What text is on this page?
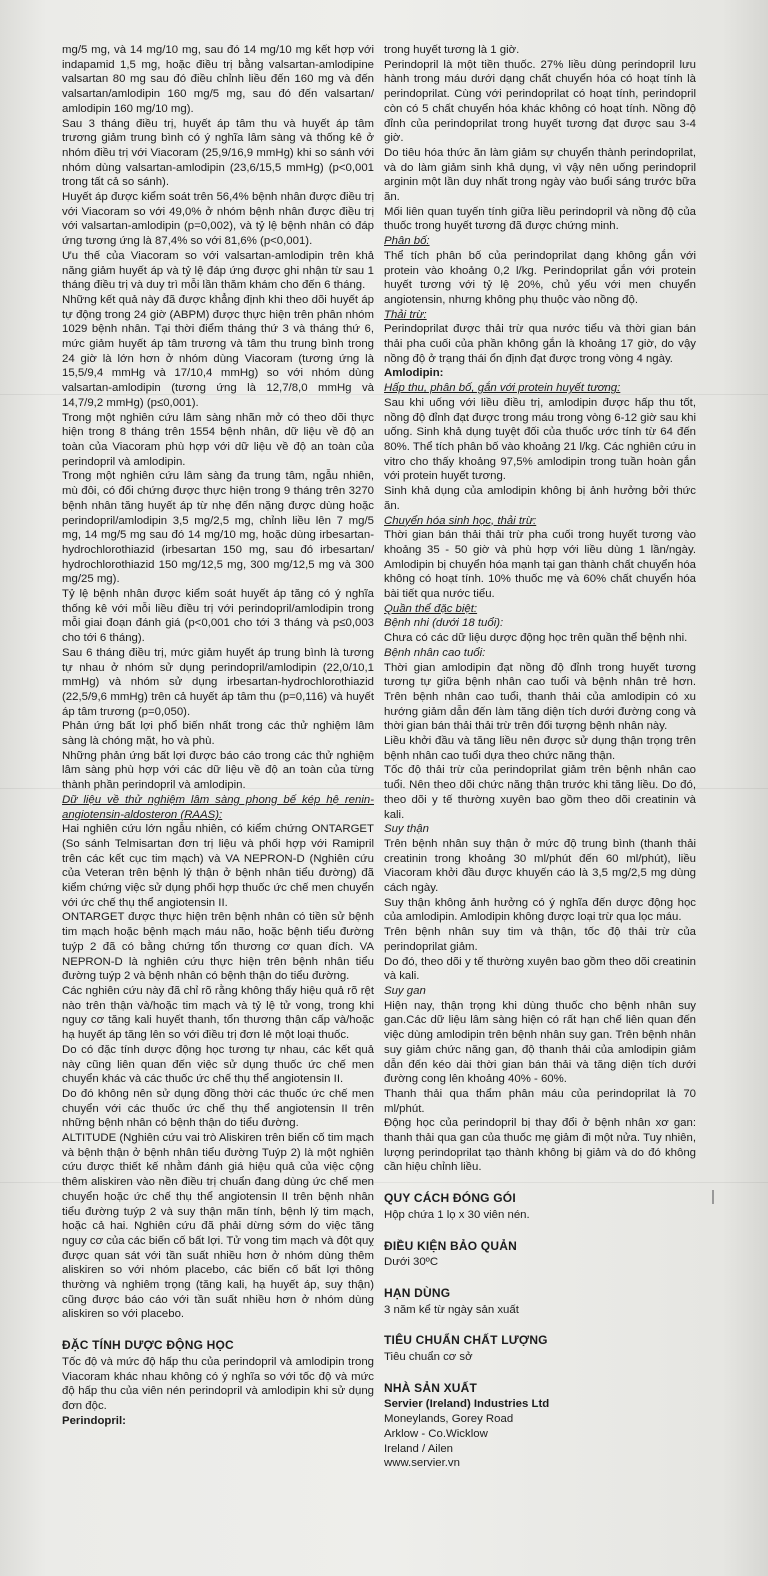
mg/5 mg, và 14 mg/10 mg, sau đó 14 mg/10 mg kết hợp với indapamid 1,5 mg, hoặc điều trị bằng valsartan-amlodipine valsartan 80 mg sau đó điều chỉnh liều đến 160 mg và đến valsartan/amlodipin 160 mg/5 mg, sau đó đến valsartan/ amlodipin 160 mg/10 mg).

Sau 3 tháng điều trị, huyết áp tâm thu và huyết áp tâm trương giảm trung bình có ý nghĩa lâm sàng và thống kê ở nhóm điều trị với Viacoram (25,9/16,9 mmHg) khi so sánh với nhóm dùng valsartan-amlodipin (23,6/15,5 mmHg) (p<0,001 trong tất cả so sánh).

Huyết áp được kiểm soát trên 56,4% bệnh nhân được điều trị với Viacoram so với 49,0% ở nhóm bệnh nhân được điều trị với valsartan-amlodipin (p=0,002), và tỷ lệ bệnh nhân có đáp ứng tương ứng là 87,4% so với 81,6% (p<0,001).

Ưu thế của Viacoram so với valsartan-amlodipin trên khả năng giảm huyết áp và tỷ lệ đáp ứng được ghi nhận từ sau 1 tháng điều trị và duy trì mỗi lần thăm khám cho đến 6 tháng.

Những kết quả này đã được khẳng định khi theo dõi huyết áp tự động trong 24 giờ (ABPM) được thực hiện trên phân nhóm 1029 bệnh nhân. Tại thời điểm tháng thứ 3 và tháng thứ 6, mức giảm huyết áp tâm trương và tâm thu trung bình trong 24 giờ là lớn hơn ở nhóm dùng Viacoram (tương ứng là 15,5/9,4 mmHg và 17/10,4 mmHg) so với nhóm dùng valsartan-amlodipin (tương ứng là 12,7/8,0 mmHg và 14,7/9,2 mmHg) (p≤0,001).

Trong một nghiên cứu lâm sàng nhãn mở có theo dõi thực hiện trong 8 tháng trên 1554 bệnh nhân, dữ liệu về độ an toàn của Viacoram phù hợp với dữ liệu về độ an toàn của perindopril và amlodipin.

Trong một nghiên cứu lâm sàng đa trung tâm, ngẫu nhiên, mù đôi, có đối chứng được thực hiện trong 9 tháng trên 3270 bệnh nhân tăng huyết áp từ nhẹ đến nặng được dùng hoặc perindopril/amlodipin 3,5 mg/2,5 mg, chỉnh liều lên 7 mg/5 mg, 14 mg/5 mg sau đó 14 mg/10 mg, hoặc dùng irbesartan-hydrochlorothiazid (irbesartan 150 mg, sau đó irbesartan/ hydrochlorothiazid 150 mg/12,5 mg, 300 mg/12,5 mg và 300 mg/25 mg).

Tỷ lệ bệnh nhân được kiểm soát huyết áp tăng có ý nghĩa thống kê với mỗi liều điều trị với perindopril/amlodipin trong mỗi giai đoạn đánh giá (p<0,001 cho tới 3 tháng và p≤0,003 cho tới 6 tháng).

Sau 6 tháng điều trị, mức giảm huyết áp trung bình là tương tự nhau ở nhóm sử dụng perindopril/amlodipin (22,0/10,1 mmHg) và nhóm sử dụng irbesartan-hydrochlorothiazid (22,5/9,6 mmHg) trên cả huyết áp tâm thu (p=0,116) và huyết áp tâm trương (p=0,050).

Phản ứng bất lợi phổ biến nhất trong các thử nghiệm lâm sàng là chóng mặt, ho và phù.

Những phản ứng bất lợi được báo cáo trong các thử nghiệm lâm sàng phù hợp với các dữ liệu về độ an toàn của từng thành phần perindopril và amlodipin.

Dữ liệu về thử nghiệm lâm sàng phong bế kép hệ renin-angiotensin-aldosteron (RAAS):

Hai nghiên cứu lớn ngẫu nhiên, có kiểm chứng ONTARGET (So sánh Telmisartan đơn trị liệu và phối hợp với Ramipril trên các kết cục tim mạch) và VA NEPRON-D (Nghiên cứu của Veteran trên bệnh lý thận ở bệnh nhân tiểu đường) đã kiểm chứng việc sử dụng phối hợp thuốc ức chế men chuyển với ức chế thụ thể angiotensin II.

ONTARGET được thực hiện trên bệnh nhân có tiền sử bệnh tim mạch hoặc bệnh mạch máu não, hoặc bệnh tiểu đường tuýp 2 đã có bằng chứng tổn thương cơ quan đích. VA NEPRON-D là nghiên cứu thực hiện trên bệnh nhân tiểu đường tuýp 2 và bệnh nhân có bệnh thận do tiểu đường.

Các nghiên cứu này đã chỉ rõ rằng không thấy hiệu quả rõ rệt nào trên thận và/hoặc tim mạch và tỷ lệ tử vong, trong khi nguy cơ tăng kali huyết thanh, tổn thương thận cấp và/hoặc hạ huyết áp tăng lên so với điều trị đơn lẻ một loại thuốc.

Do có đặc tính dược động học tương tự nhau, các kết quả này cũng liên quan đến việc sử dụng thuốc ức chế men chuyển khác và các thuốc ức chế thụ thể angiotensin II.

Do đó không nên sử dụng đồng thời các thuốc ức chế men chuyển với các thuốc ức chế thụ thể angiotensin II trên những bệnh nhân có bệnh thận do tiểu đường.

ALTITUDE (Nghiên cứu vai trò Aliskiren trên biến cố tim mạch và bệnh thận ở bệnh nhân tiểu đường Tuýp 2) là một nghiên cứu được thiết kế nhằm đánh giá hiệu quả của việc cộng thêm aliskiren vào nền điều trị chuẩn đang dùng ức chế men chuyển hoặc ức chế thụ thể angiotensin II trên bệnh nhân tiểu đường tuýp 2 và suy thận mãn tính, bệnh lý tim mạch, hoặc cả hai. Nghiên cứu đã phải dừng sớm do việc tăng nguy cơ của các biến cố bất lợi. Tử vong tim mạch và đột quỵ được quan sát với tần suất nhiều hơn ở nhóm dùng thêm aliskiren so với nhóm placebo, các biến cố bất lợi thông thường và nghiêm trọng (tăng kali, hạ huyết áp, suy thận) cũng được báo cáo với tần suất nhiều hơn ở nhóm dùng aliskiren so với placebo.

ĐẶC TÍNH DƯỢC ĐỘNG HỌC

Tốc độ và mức độ hấp thu của perindopril và amlodipin trong Viacoram khác nhau không có ý nghĩa so với tốc độ và mức độ hấp thu của viên nén perindopril và amlodipin khi sử dụng đơn độc.

Perindopril:

trong huyết tương là 1 giờ.

Perindopril là một tiền thuốc. 27% liều dùng perindopril lưu hành trong máu dưới dạng chất chuyển hóa có hoạt tính là perindoprilat. Cùng với perindoprilat có hoạt tính, perindopril còn có 5 chất chuyển hóa khác không có hoạt tính. Nồng độ đỉnh của perindoprilat trong huyết tương đạt được sau 3-4 giờ.

Do tiêu hóa thức ăn làm giảm sự chuyển thành perindoprilat, và do làm giảm sinh khả dụng, vì vậy nên uống perindopril arginin một lần duy nhất trong ngày vào buổi sáng trước bữa ăn.

Mối liên quan tuyến tính giữa liều perindopril và nồng độ của thuốc trong huyết tương đã được chứng minh.

Phân bố:

Thể tích phân bố của perindoprilat dạng không gắn với protein vào khoảng 0,2 l/kg. Perindoprilat gắn với protein huyết tương với tỷ lệ 20%, chủ yếu với men chuyển angiotensin, nhưng không phụ thuộc vào nồng độ.

Thải trừ:

Perindoprilat được thải trừ qua nước tiểu và thời gian bán thải pha cuối của phần không gắn là khoảng 17 giờ, do vậy nồng độ ở trạng thái ổn định đạt được trong vòng 4 ngày.

Amlodipin:

Hấp thu, phân bố, gắn với protein huyết tương:

Sau khi uống với liều điều trị, amlodipin được hấp thu tốt, nồng độ đỉnh đạt được trong máu trong vòng 6-12 giờ sau khi uống. Sinh khả dụng tuyệt đối của thuốc ước tính từ 64 đến 80%. Thể tích phân bố vào khoảng 21 l/kg. Các nghiên cứu in vitro cho thấy khoảng 97,5% amlodipin trong tuần hoàn gắn với protein huyết tương.

Sinh khả dụng của amlodipin không bị ảnh hưởng bởi thức ăn.

Chuyển hóa sinh học, thải trừ:

Thời gian bán thải thải trừ pha cuối trong huyết tương vào khoảng 35 - 50 giờ và phù hợp với liều dùng 1 lần/ngày. Amlodipin bị chuyển hóa mạnh tại gan thành chất chuyển hóa không có hoạt tính. 10% thuốc mẹ và 60% chất chuyển hóa bài tiết qua nước tiểu.

Quần thể đặc biệt:

Bệnh nhi (dưới 18 tuổi):

Chưa có các dữ liệu dược động học trên quần thể bệnh nhi.

Bệnh nhân cao tuổi:

Thời gian amlodipin đạt nồng độ đỉnh trong huyết tương tương tự giữa bệnh nhân cao tuổi và bệnh nhân trẻ hơn. Trên bệnh nhân cao tuổi, thanh thải của amlodipin có xu hướng giảm dẫn đến làm tăng diện tích dưới đường cong và thời gian bán thải thải trừ trên đối tượng bệnh nhân này.

Liều khởi đầu và tăng liều nên được sử dụng thận trọng trên bệnh nhân cao tuổi dựa theo chức năng thận.

Tốc độ thải trừ của perindoprilat giảm trên bệnh nhân cao tuổi. Nên theo dõi chức năng thận trước khi tăng liều. Do đó, theo dõi y tế thường xuyên bao gồm theo dõi creatinin và kali.

Suy thận

Trên bệnh nhân suy thận ở mức độ trung bình (thanh thải creatinin trong khoảng 30 ml/phút đến 60 ml/phút), liều Viacoram khởi đầu được khuyến cáo là 3,5 mg/2,5 mg dùng cách ngày.

Suy thận không ảnh hưởng có ý nghĩa đến dược động học của amlodipin. Amlodipin không được loại trừ qua lọc máu.

Trên bệnh nhân suy tim và thận, tốc độ thải trừ của perindoprilat giảm.

Do đó, theo dõi y tế thường xuyên bao gồm theo dõi creatinin và kali.

Suy gan

Hiện nay, thận trọng khi dùng thuốc cho bệnh nhân suy gan.Các dữ liệu lâm sàng hiện có rất hạn chế liên quan đến việc dùng amlodipin trên bệnh nhân suy gan. Trên bệnh nhân suy giảm chức năng gan, độ thanh thải của amlodipin giảm dẫn đến kéo dài thời gian bán thải và tăng diện tích dưới đường cong lên khoảng 40% - 60%.

Thanh thải qua thẩm phân máu của perindoprilat là 70 ml/phút.

Động học của perindopril bị thay đổi ở bệnh nhân xơ gan: thanh thải qua gan của thuốc mẹ giảm đi một nửa. Tuy nhiên, lượng perindoprilat tạo thành không bị giảm và do đó không cần hiệu chỉnh liều.

QUY CÁCH ĐÓNG GÓI

Hộp chứa 1 lọ x 30 viên nén.

ĐIỀU KIỆN BẢO QUẢN

Dưới 30ºC

HẠN DÙNG

3 năm kể từ ngày sản xuất

TIÊU CHUẨN CHẤT LƯỢNG

Tiêu chuẩn cơ sở

NHÀ SẢN XUẤT

Servier (Ireland) Industries Ltd

Moneylands, Gorey Road

Arklow - Co.Wicklow

Ireland / Ailen

www.servier.vn
